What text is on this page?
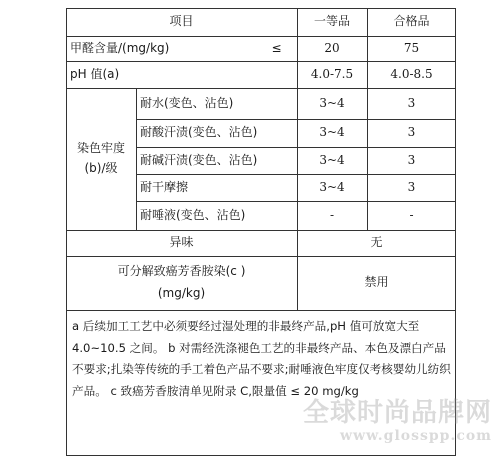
项目	一等品	合格品
甲醛含量/(mg/kg)	≤	20	75
pH 值(a)	4.0-7.5	4.0-8.5
染色牢度
(b)/级
耐水(变色、沾色)	3~4	3
耐酸汗渍(变色、沾色)	3~4	3
耐碱汗渍(变色、沾色)	3~4	3
耐干摩擦	3~4	3
耐唾液(变色、沾色)	-	-
异味	无
可分解致癌芳香胺染(c )
(mg/kg)
禁用
a 后续加工工艺中必须要经过湿处理的非最终产品,pH 值可放宽大至 4.0~10.5 之间。 b 对需经洗涤褪色工艺的非最终产品、本色及漂白产品不要求;扎染等传统的手工着色产品不要求;耐唾液色牢度仅考核婴幼儿纺织产品。 c 致癌芳香胺清单见附录 C,限量值 ≤ 20 mg/kg
全球时尚品牌网
www.glosspp.com
